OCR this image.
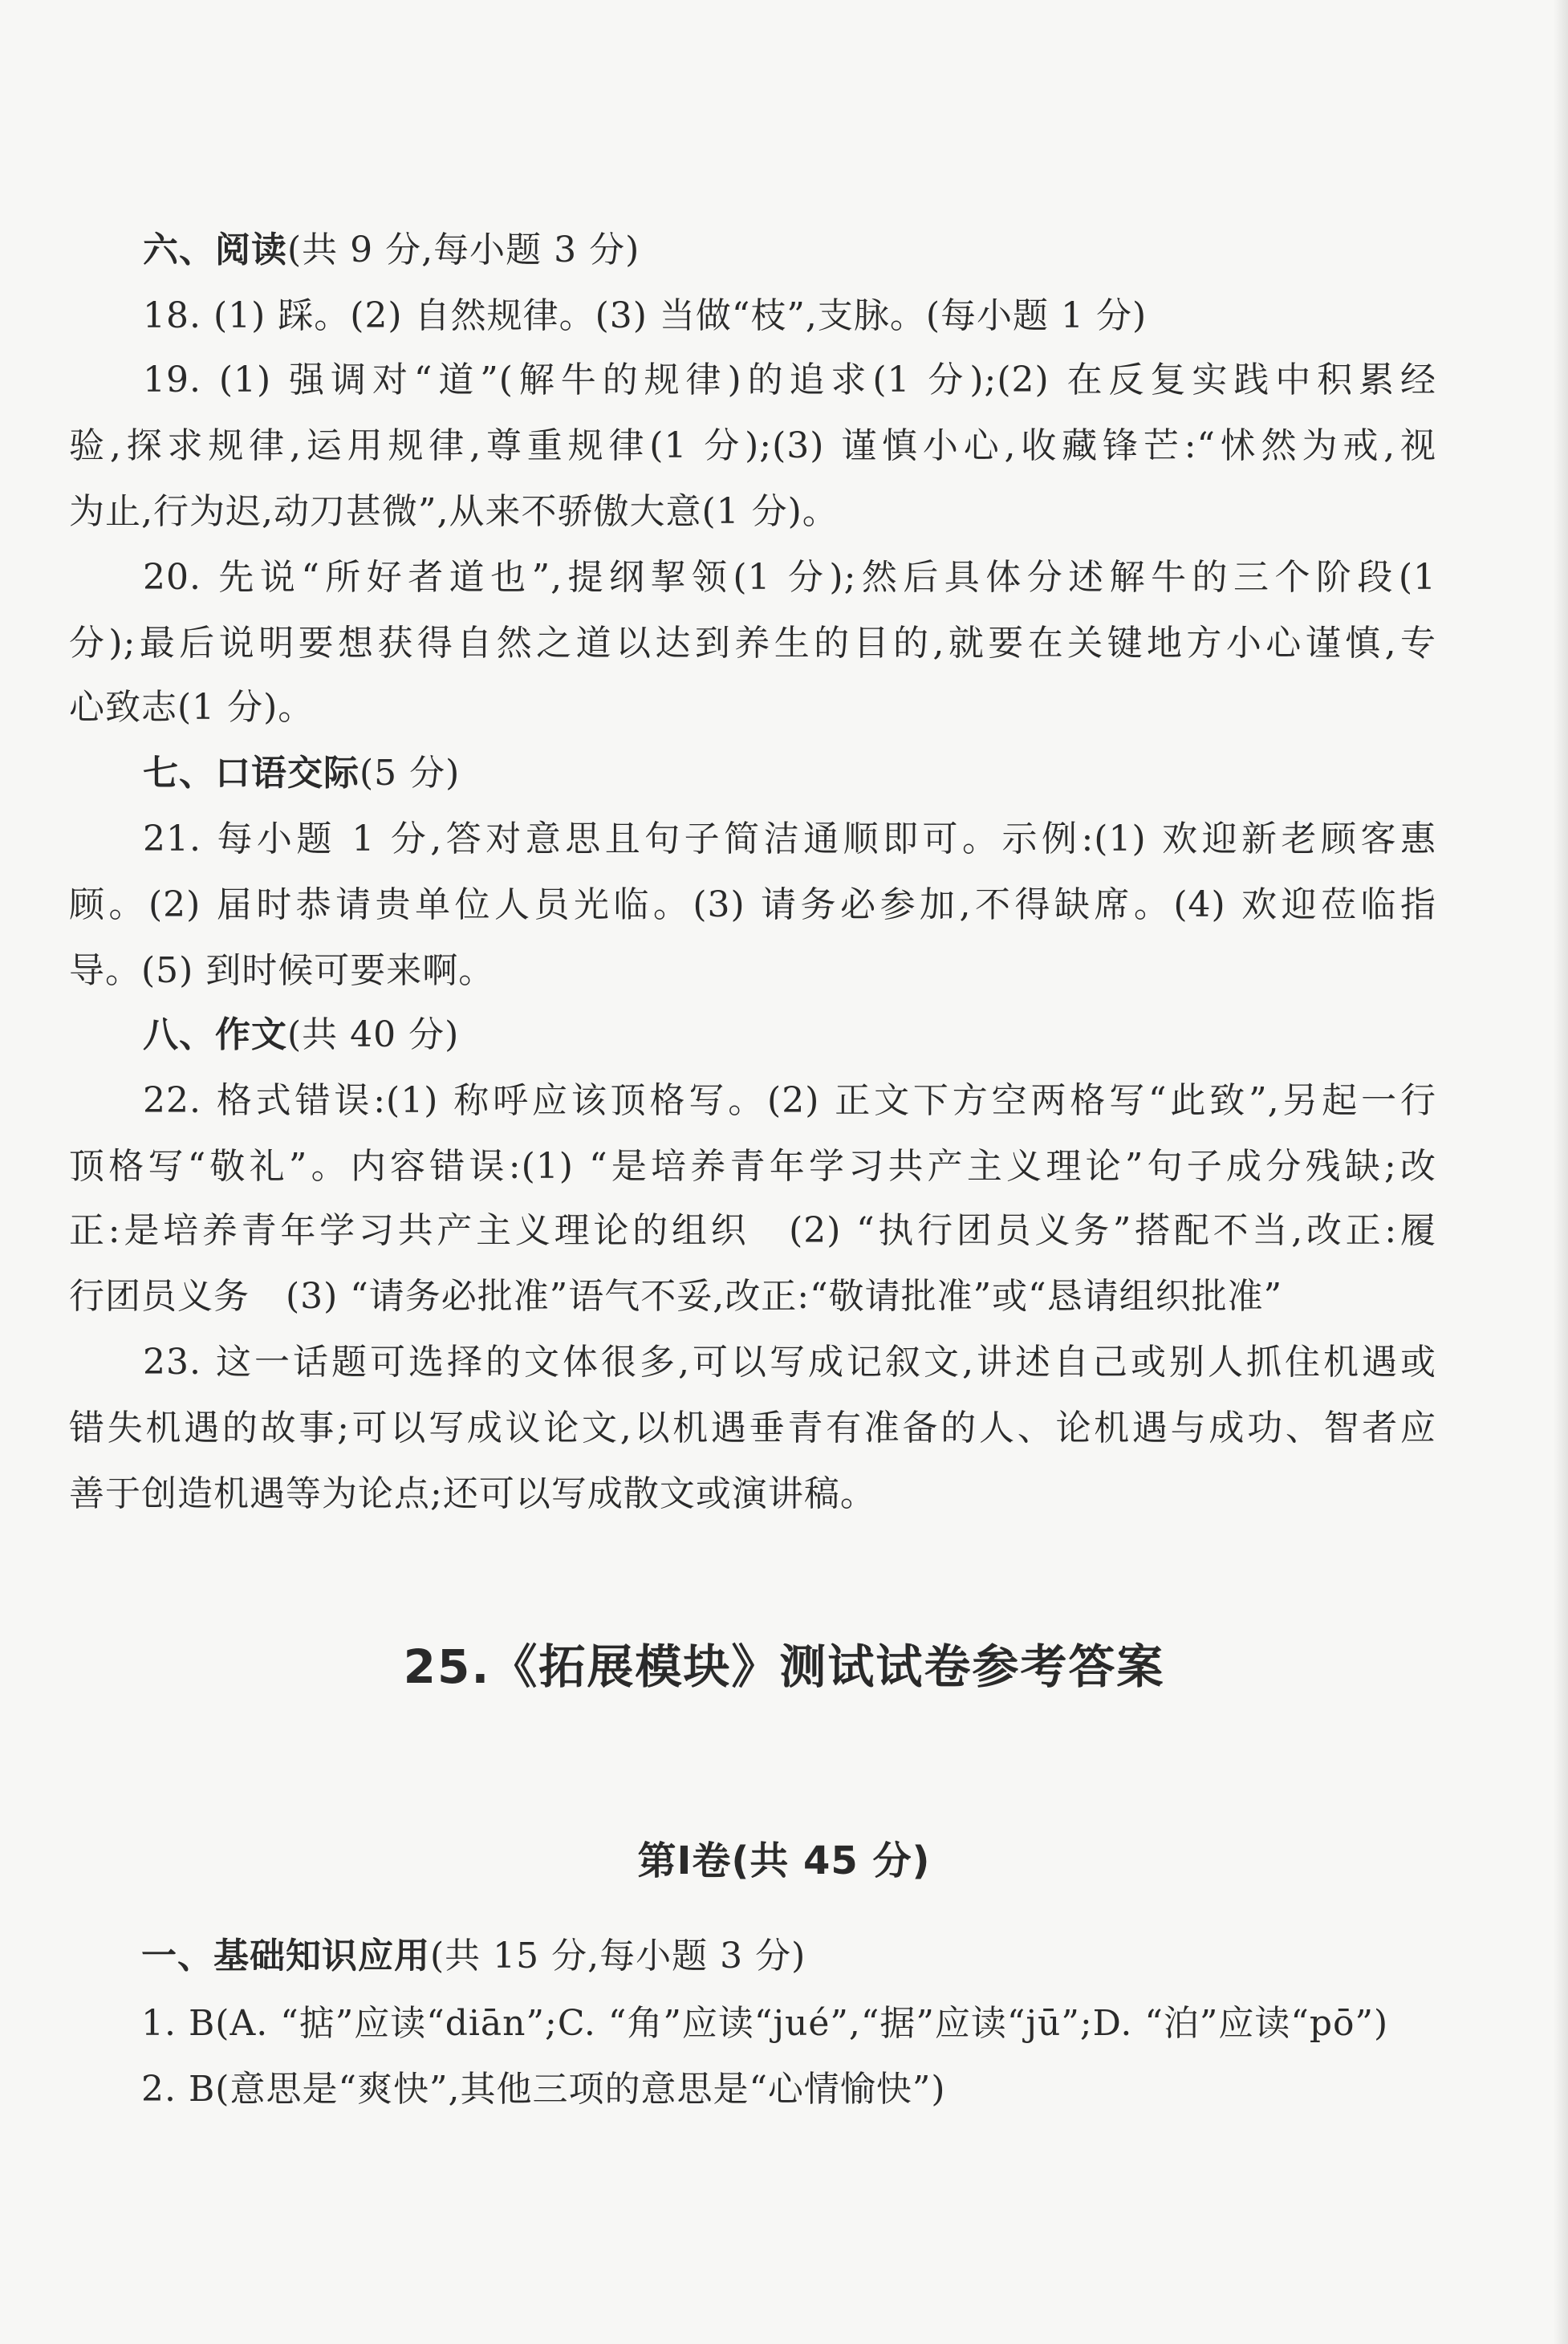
六、阅读(共 9 分,每小题 3 分)
18. (1) 踩。(2) 自然规律。(3) 当做“枝”,支脉。(每小题 1 分)
19. (1) 强调对“道”(解牛的规律)的追求(1 分);(2) 在反复实践中积累经
验,探求规律,运用规律,尊重规律(1 分);(3) 谨慎小心,收藏锋芒:“怵然为戒,视
为止,行为迟,动刀甚微”,从来不骄傲大意(1 分)。
20. 先说“所好者道也”,提纲挈领(1 分);然后具体分述解牛的三个阶段(1
分);最后说明要想获得自然之道以达到养生的目的,就要在关键地方小心谨慎,专
心致志(1 分)。
七、口语交际(5 分)
21. 每小题 1 分,答对意思且句子简洁通顺即可。示例:(1) 欢迎新老顾客惠
顾。(2) 届时恭请贵单位人员光临。(3) 请务必参加,不得缺席。(4) 欢迎莅临指
导。(5) 到时候可要来啊。
八、作文(共 40 分)
22. 格式错误:(1) 称呼应该顶格写。(2) 正文下方空两格写“此致”,另起一行
顶格写“敬礼”。内容错误:(1) “是培养青年学习共产主义理论”句子成分残缺;改
正:是培养青年学习共产主义理论的组织　(2) “执行团员义务”搭配不当,改正:履
行团员义务　(3) “请务必批准”语气不妥,改正:“敬请批准”或“恳请组织批准”
23. 这一话题可选择的文体很多,可以写成记叙文,讲述自己或别人抓住机遇或
错失机遇的故事;可以写成议论文,以机遇垂青有准备的人、论机遇与成功、智者应
善于创造机遇等为论点;还可以写成散文或演讲稿。
25.《拓展模块》测试试卷参考答案
第Ⅰ卷(共 45 分)
一、基础知识应用(共 15 分,每小题 3 分)
1. B(A. “掂”应读“diān”;C. “角”应读“jué”,“据”应读“jū”;D. “泊”应读“pō”)
2. B(意思是“爽快”,其他三项的意思是“心情愉快”)
